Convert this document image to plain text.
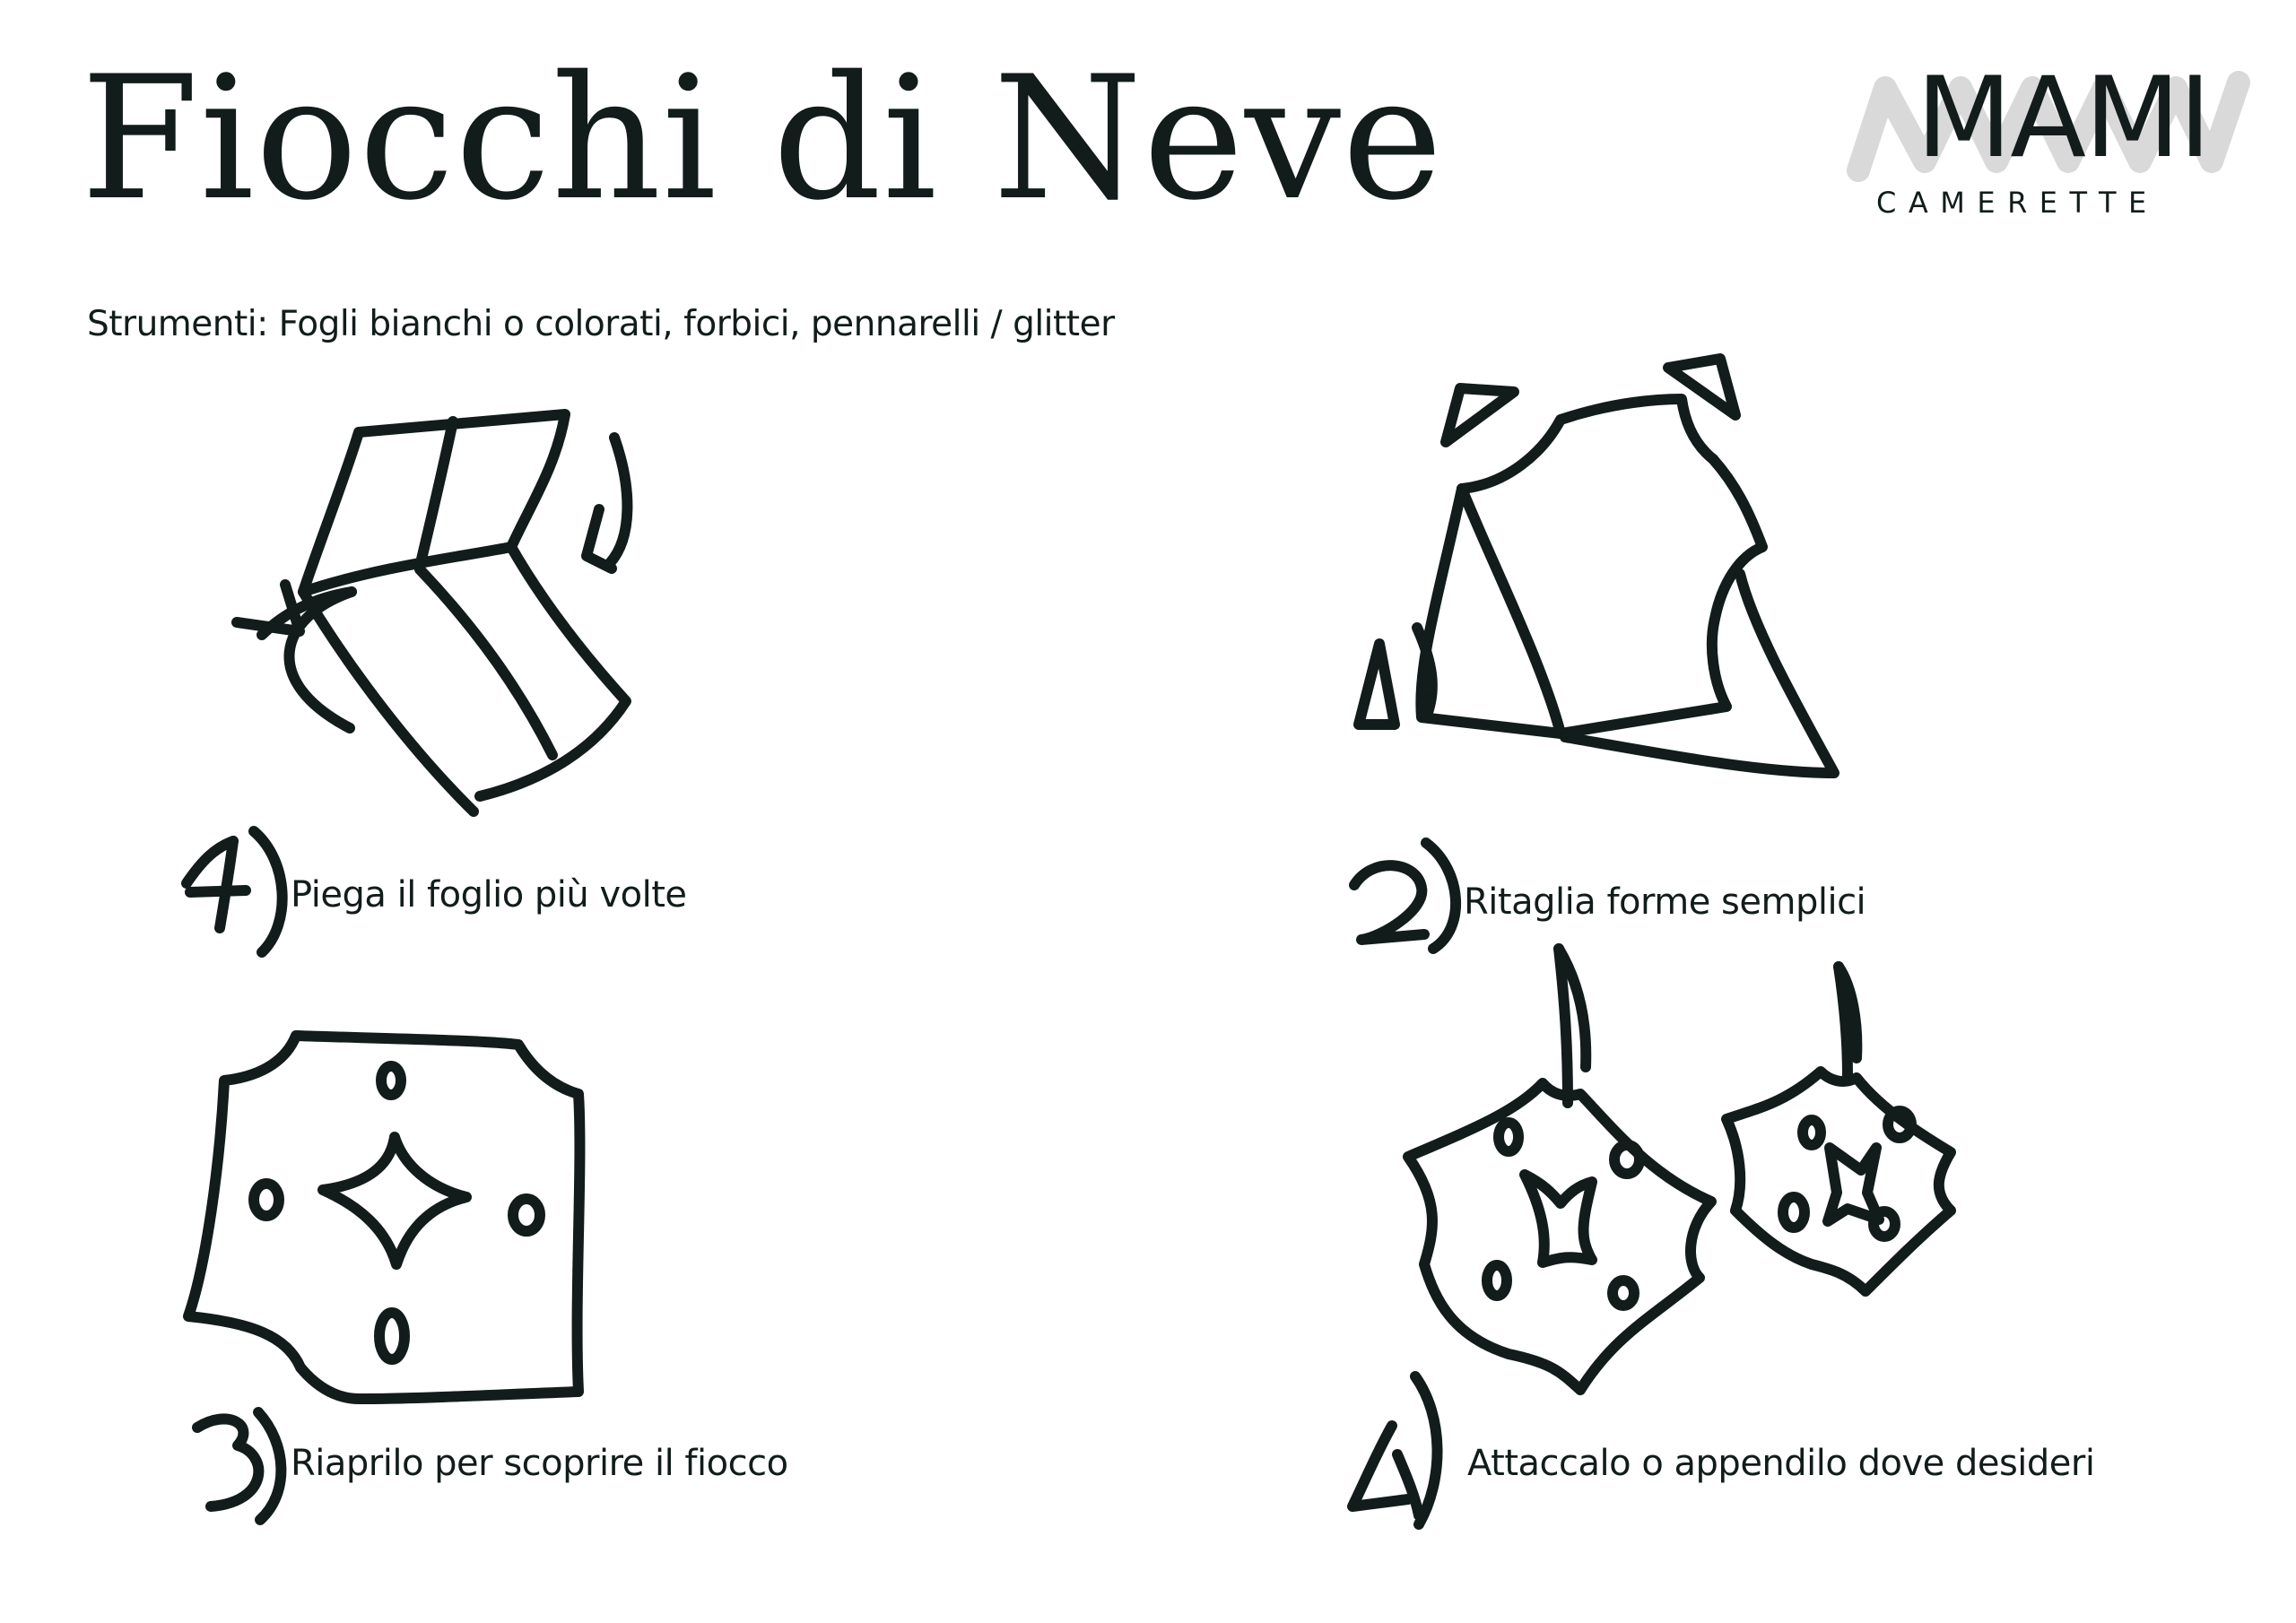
Fiocchi di Neve	MAMI
CAMERETTE
Strumenti: Fogli bianchi o colorati, forbici, pennarelli / glitter
Piega il foglio più volte	Ritaglia forme semplici
Riaprilo per scoprire il fiocco	Attaccalo o appendilo dove desideri
